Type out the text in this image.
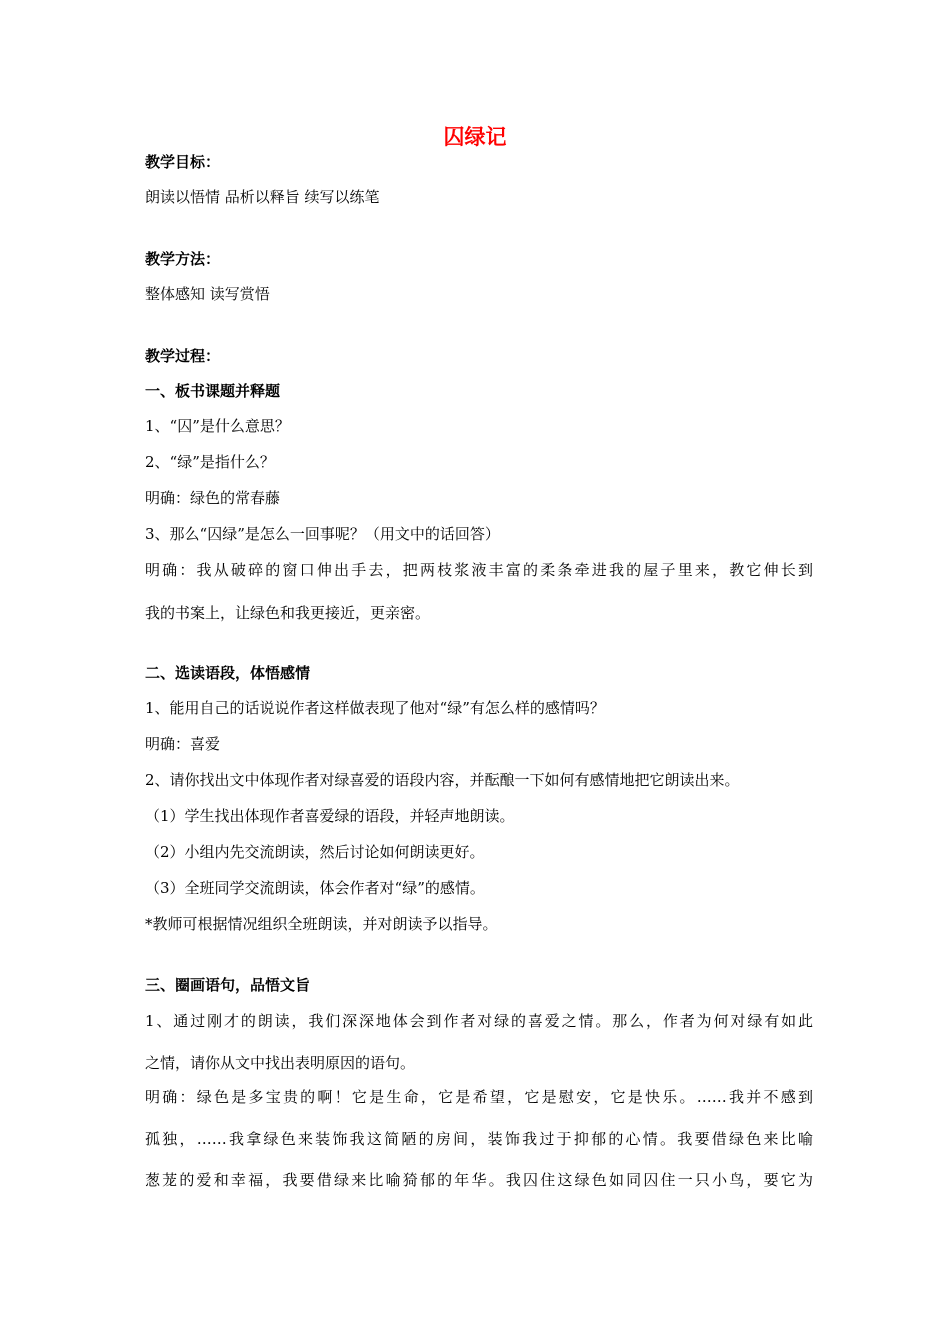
囚绿记
教学目标：
朗读以悟情 品析以释旨 续写以练笔
教学方法：
整体感知 读写赏悟
教学过程：
一、板书课题并释题
1、“囚”是什么意思？
2、“绿”是指什么？
明确：绿色的常春藤
3、那么“囚绿”是怎么一回事呢？（用文中的话回答）
明确：我从破碎的窗口伸出手去，把两枝浆液丰富的柔条牵进我的屋子里来，教它伸长到
我的书案上，让绿色和我更接近，更亲密。
二、选读语段，体悟感情
1、能用自己的话说说作者这样做表现了他对“绿”有怎么样的感情吗？
明确：喜爱
2、请你找出文中体现作者对绿喜爱的语段内容，并酝酿一下如何有感情地把它朗读出来。
（1）学生找出体现作者喜爱绿的语段，并轻声地朗读。
（2）小组内先交流朗读，然后讨论如何朗读更好。
（3）全班同学交流朗读，体会作者对“绿”的感情。
*教师可根据情况组织全班朗读，并对朗读予以指导。
三、圈画语句，品悟文旨
1、通过刚才的朗读，我们深深地体会到作者对绿的喜爱之情。那么，作者为何对绿有如此
之情，请你从文中找出表明原因的语句。
明确：绿色是多宝贵的啊！它是生命，它是希望，它是慰安，它是快乐。……我并不感到
孤独，……我拿绿色来装饰我这简陋的房间，装饰我过于抑郁的心情。我要借绿色来比喻
葱茏的爱和幸福，我要借绿来比喻猗郁的年华。我囚住这绿色如同囚住一只小鸟，要它为
